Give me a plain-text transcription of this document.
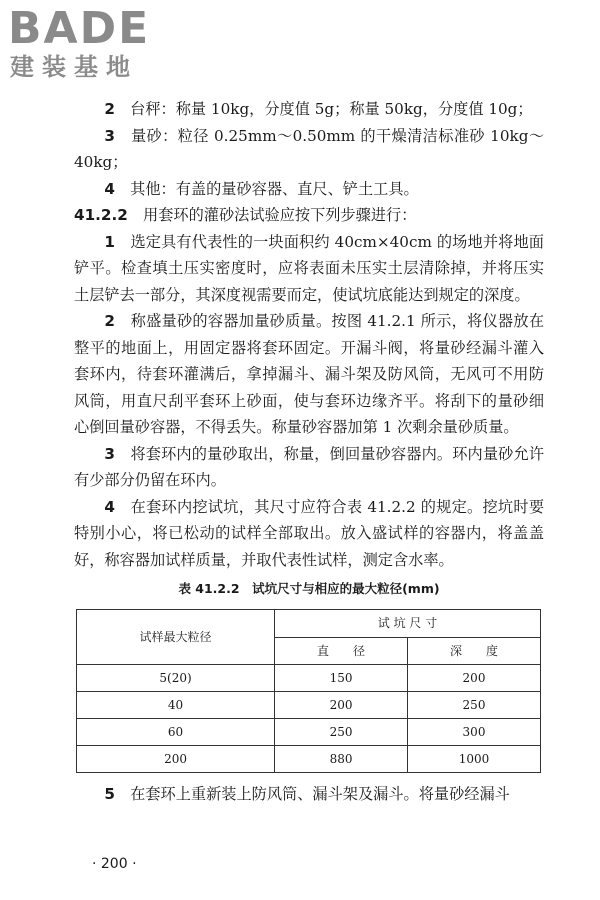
BADE
建装基地

2　 台秤：称量 10kg，分度值 5g；称量 50kg，分度值 10g；

3　 量砂：粒径 0.25mm～0.50mm 的干燥清洁标准砂 10kg～40kg；

4　 其他：有盖的量砂容器、直尺、铲土工具。

41.2.2　 用套环的灌砂法试验应按下列步骤进行：

1　 选定具有代表性的一块面积约 40cm×40cm 的场地并将地面铲平。检查填土压实密度时，应将表面未压实土层清除掉，并将压实土层铲去一部分，其深度视需要而定，使试坑底能达到规定的深度。

2　 称盛量砂的容器加量砂质量。按图 41.2.1 所示，将仪器放在整平的地面上，用固定器将套环固定。开漏斗阀，将量砂经漏斗灌入套环内，待套环灌满后，拿掉漏斗、漏斗架及防风筒，无风可不用防风筒，用直尺刮平套环上砂面，使与套环边缘齐平。将刮下的量砂细心倒回量砂容器，不得丢失。称量砂容器加第 1 次剩余量砂质量。

3　 将套环内的量砂取出，称量，倒回量砂容器内。环内量砂允许有少部分仍留在环内。

4　 在套环内挖试坑，其尺寸应符合表 41.2.2 的规定。挖坑时要特别小心，将已松动的试样全部取出。放入盛试样的容器内，将盖盖好，称容器加试样质量，并取代表性试样，测定含水率。

表 41.2.2　试坑尺寸与相应的最大粒径(mm)
试样最大粒径	试 坑 尺 寸	
	直　　径	深　　度
5(20)	150	200
40	200	250
60	250	300
200	880	1000

5　 在套环上重新装上防风筒、漏斗架及漏斗。将量砂经漏斗

· 200 ·
